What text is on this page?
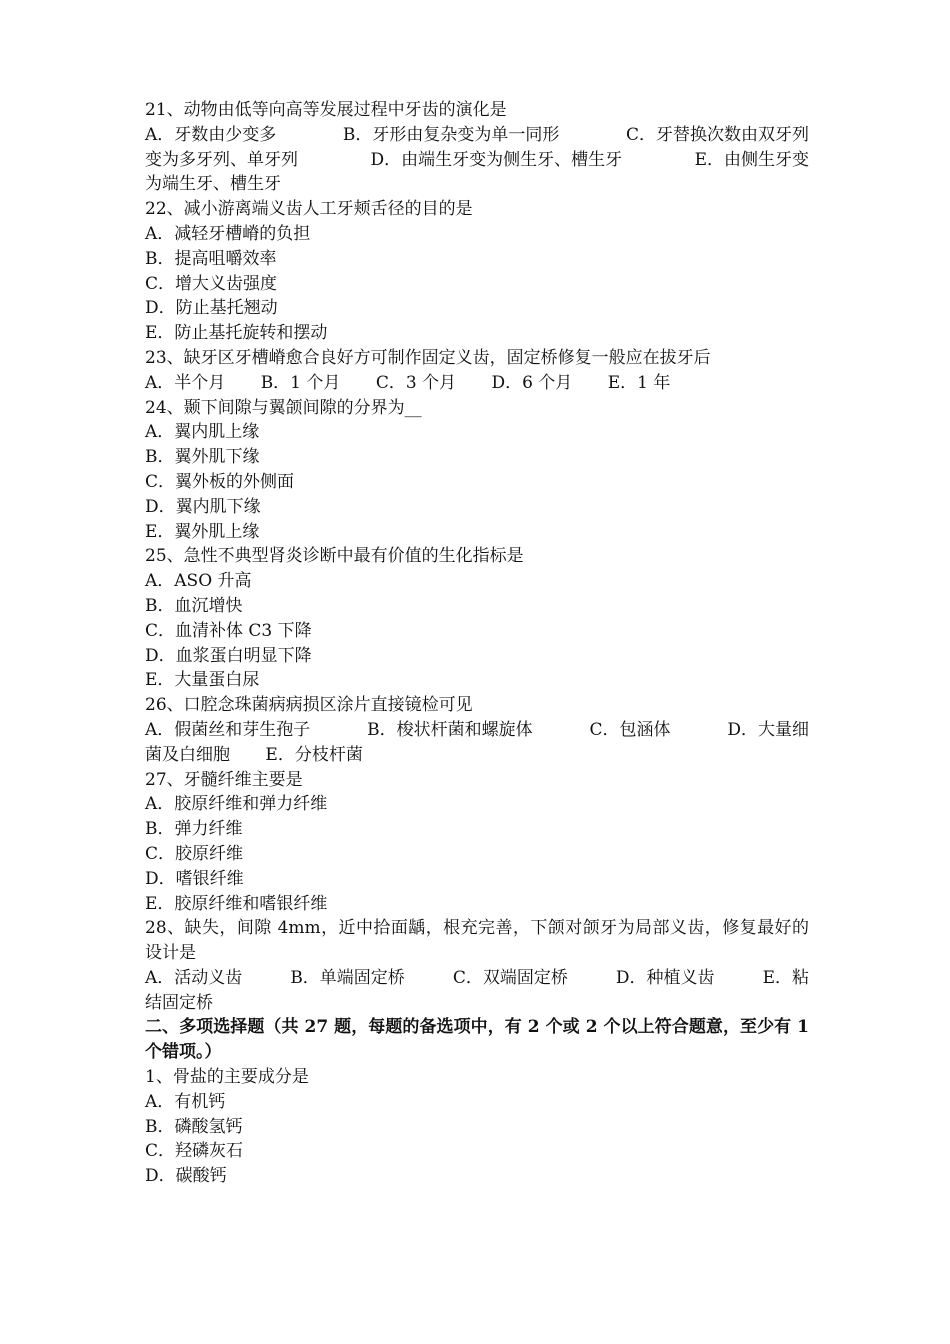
21、动物由低等向高等发展过程中牙齿的演化是
A．牙数由少变多	B．牙形由复杂变为单一同形	C．牙替换次数由双牙列
变为多牙列、单牙列	D．由端生牙变为侧生牙、槽生牙	E．由侧生牙变
为端生牙、槽生牙
22、减小游离端义齿人工牙颊舌径的目的是
A．减轻牙槽嵴的负担
B．提高咀嚼效率
C．增大义齿强度
D．防止基托翘动
E．防止基托旋转和摆动
23、缺牙区牙槽嵴愈合良好方可制作固定义齿，固定桥修复一般应在拔牙后
A．半个月 B．1 个月 C．3 个月 D．6 个月 E．1 年
24、颞下间隙与翼颌间隙的分界为__
A．翼内肌上缘
B．翼外肌下缘
C．翼外板的外侧面
D．翼内肌下缘
E．翼外肌上缘
25、急性不典型肾炎诊断中最有价值的生化指标是
A．ASO 升高
B．血沉增快
C．血清补体 C3 下降
D．血浆蛋白明显下降
E．大量蛋白尿
26、口腔念珠菌病病损区涂片直接镜检可见
A．假菌丝和芽生孢子	B．梭状杆菌和螺旋体	C．包涵体	D．大量细
菌及白细胞 E．分枝杆菌
27、牙髓纤维主要是
A．胶原纤维和弹力纤维
B．弹力纤维
C．胶原纤维
D．嗜银纤维
E．胶原纤维和嗜银纤维
28、缺失，间隙 4mm，近中拾面龋，根充完善，下颌对颌牙为局部义齿，修复最好的设计是
A．活动义齿	B．单端固定桥	C．双端固定桥	D．种植义齿	E．粘
结固定桥
二、多项选择题（共 27 题，每题的备选项中，有 2 个或 2 个以上符合题意，至少有 1 个错项。）
1、骨盐的主要成分是
A．有机钙
B．磷酸氢钙
C．羟磷灰石
D．碳酸钙
